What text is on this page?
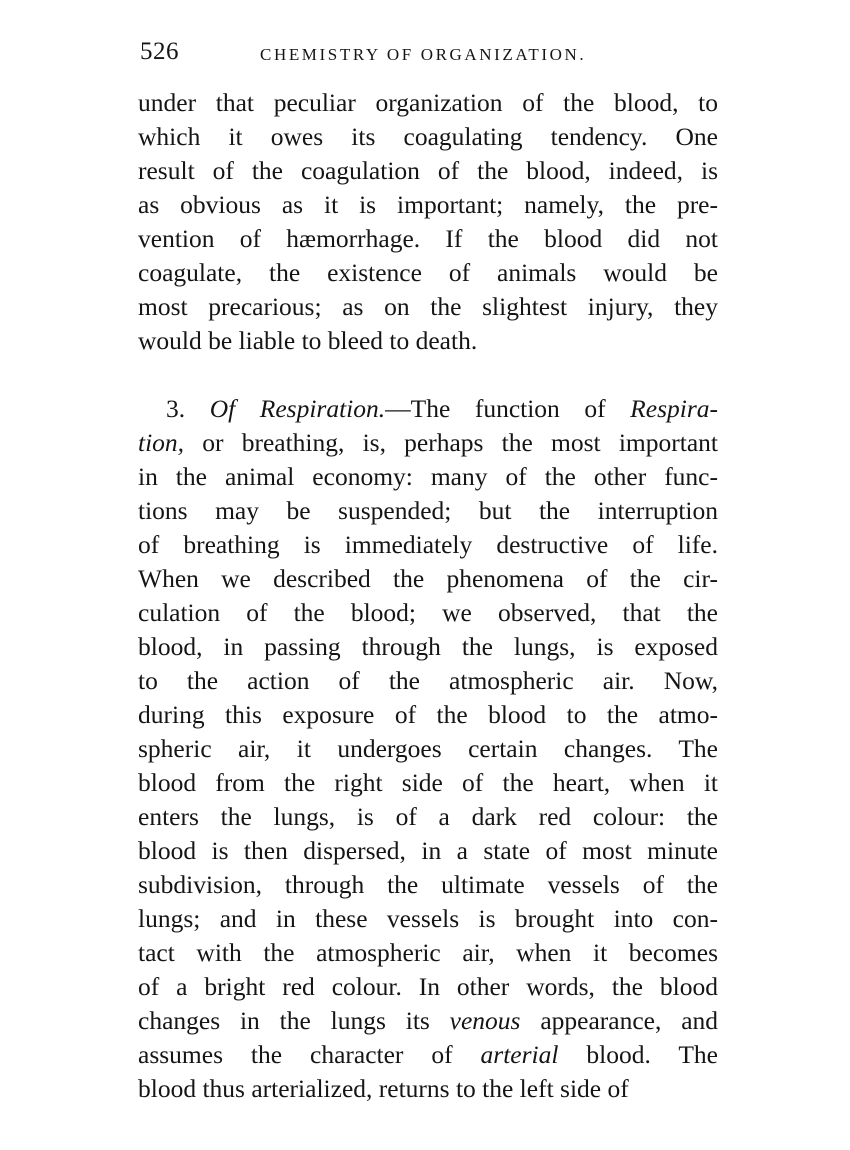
526	CHEMISTRY OF ORGANIZATION.
under that peculiar organization of the blood, to
which it owes its coagulating tendency. One
result of the coagulation of the blood, indeed, is
as obvious as it is important; namely, the pre-
vention of hæmorrhage. If the blood did not
coagulate, the existence of animals would be
most precarious; as on the slightest injury, they
would be liable to bleed to death.
3. Of Respiration.—The function of Respira-
tion, or breathing, is, perhaps the most important
in the animal economy: many of the other func-
tions may be suspended; but the interruption
of breathing is immediately destructive of life.
When we described the phenomena of the cir-
culation of the blood; we observed, that the
blood, in passing through the lungs, is exposed
to the action of the atmospheric air. Now,
during this exposure of the blood to the atmo-
spheric air, it undergoes certain changes. The
blood from the right side of the heart, when it
enters the lungs, is of a dark red colour: the
blood is then dispersed, in a state of most minute
subdivision, through the ultimate vessels of the
lungs; and in these vessels is brought into con-
tact with the atmospheric air, when it becomes
of a bright red colour. In other words, the blood
changes in the lungs its venous appearance, and
assumes the character of arterial blood. The
blood thus arterialized, returns to the left side of
